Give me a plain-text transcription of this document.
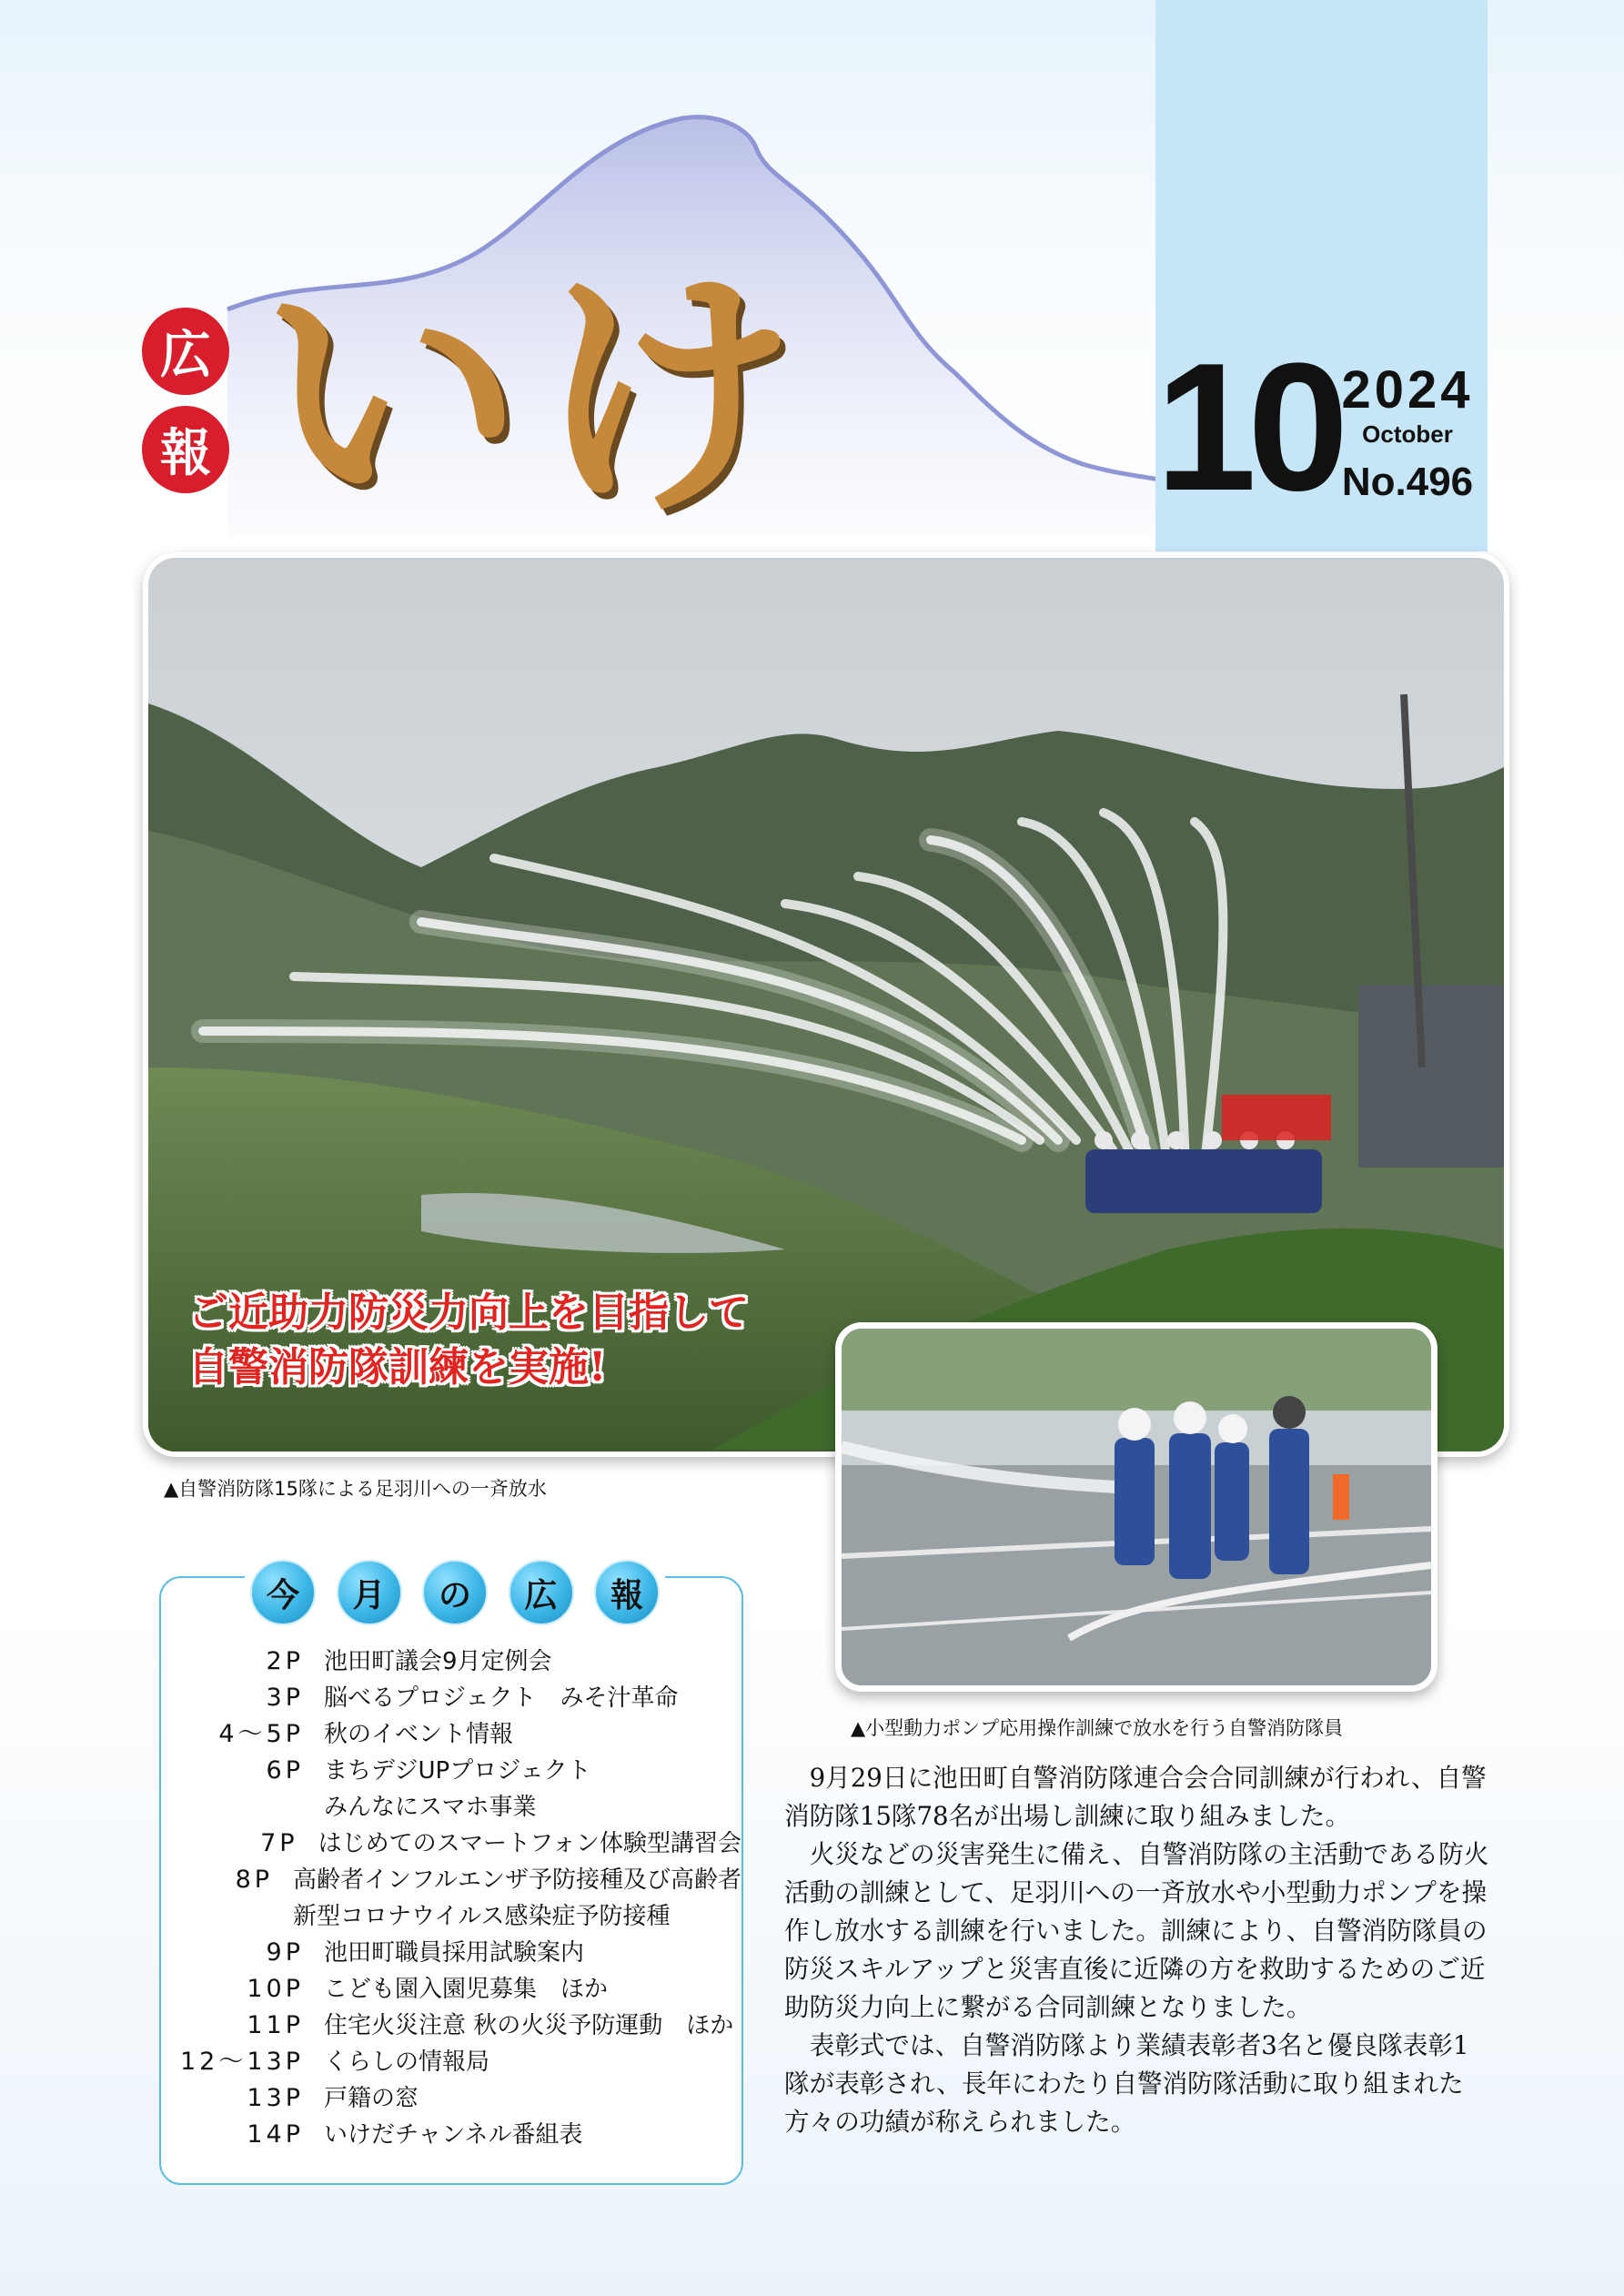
広
報 いけ	10 2024
October
No.496
ご近助力防災力向上を目指して
自警消防隊訓練を実施!
▲自警消防隊15隊による足羽川への一斉放水
▲小型動力ポンプ応用操作訓練で放水を行う自警消防隊員
今	月	の	広	報
2P 池田町議会9月定例会
3P 脳べるプロジェクト　みそ汁革命
4～5P 秋のイベント情報
6P まちデジUPプロジェクト
みんなにスマホ事業
7P はじめてのスマートフォン体験型講習会
8P 高齢者インフルエンザ予防接種及び高齢者
新型コロナウイルス感染症予防接種
9P 池田町職員採用試験案内
10P こども園入園児募集　ほか
11P 住宅火災注意 秋の火災予防運動　ほか
12～13P くらしの情報局
13P 戸籍の窓
14P いけだチャンネル番組表

9月29日に池田町自警消防隊連合会合同訓練が行われ、自警消防隊15隊78名が出場し訓練に取り組みました。

火災などの災害発生に備え、自警消防隊の主活動である防火活動の訓練として、足羽川への一斉放水や小型動力ポンプを操作し放水する訓練を行いました。訓練により、自警消防隊員の防災スキルアップと災害直後に近隣の方を救助するためのご近助防災力向上に繋がる合同訓練となりました。

表彰式では、自警消防隊より業績表彰者3名と優良隊表彰1隊が表彰され、長年にわたり自警消防隊活動に取り組まれた方々の功績が称えられました。
